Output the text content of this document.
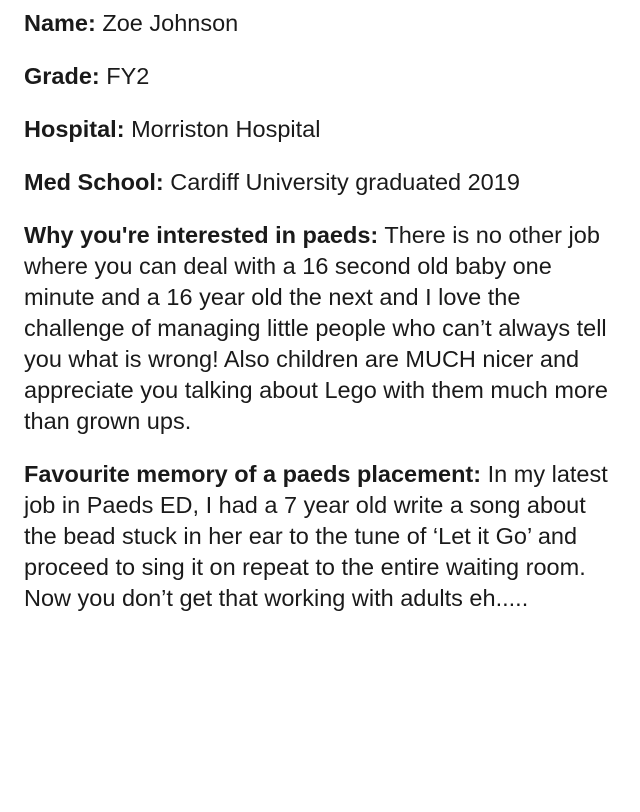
Name: Zoe Johnson

Grade: FY2

Hospital: Morriston Hospital

Med School: Cardiff University graduated 2019

Why you're interested in paeds: There is no other job where you can deal with a 16 second old baby one minute and a 16 year old the next and I love the challenge of managing little people who can’t always tell you what is wrong! Also children are MUCH nicer and appreciate you talking about Lego with them much more than grown ups.

Favourite memory of a paeds placement: In my latest job in Paeds ED, I had a 7 year old write a song about the bead stuck in her ear to the tune of ‘Let it Go’ and proceed to sing it on repeat to the entire waiting room. Now you don’t get that working with adults eh.....
